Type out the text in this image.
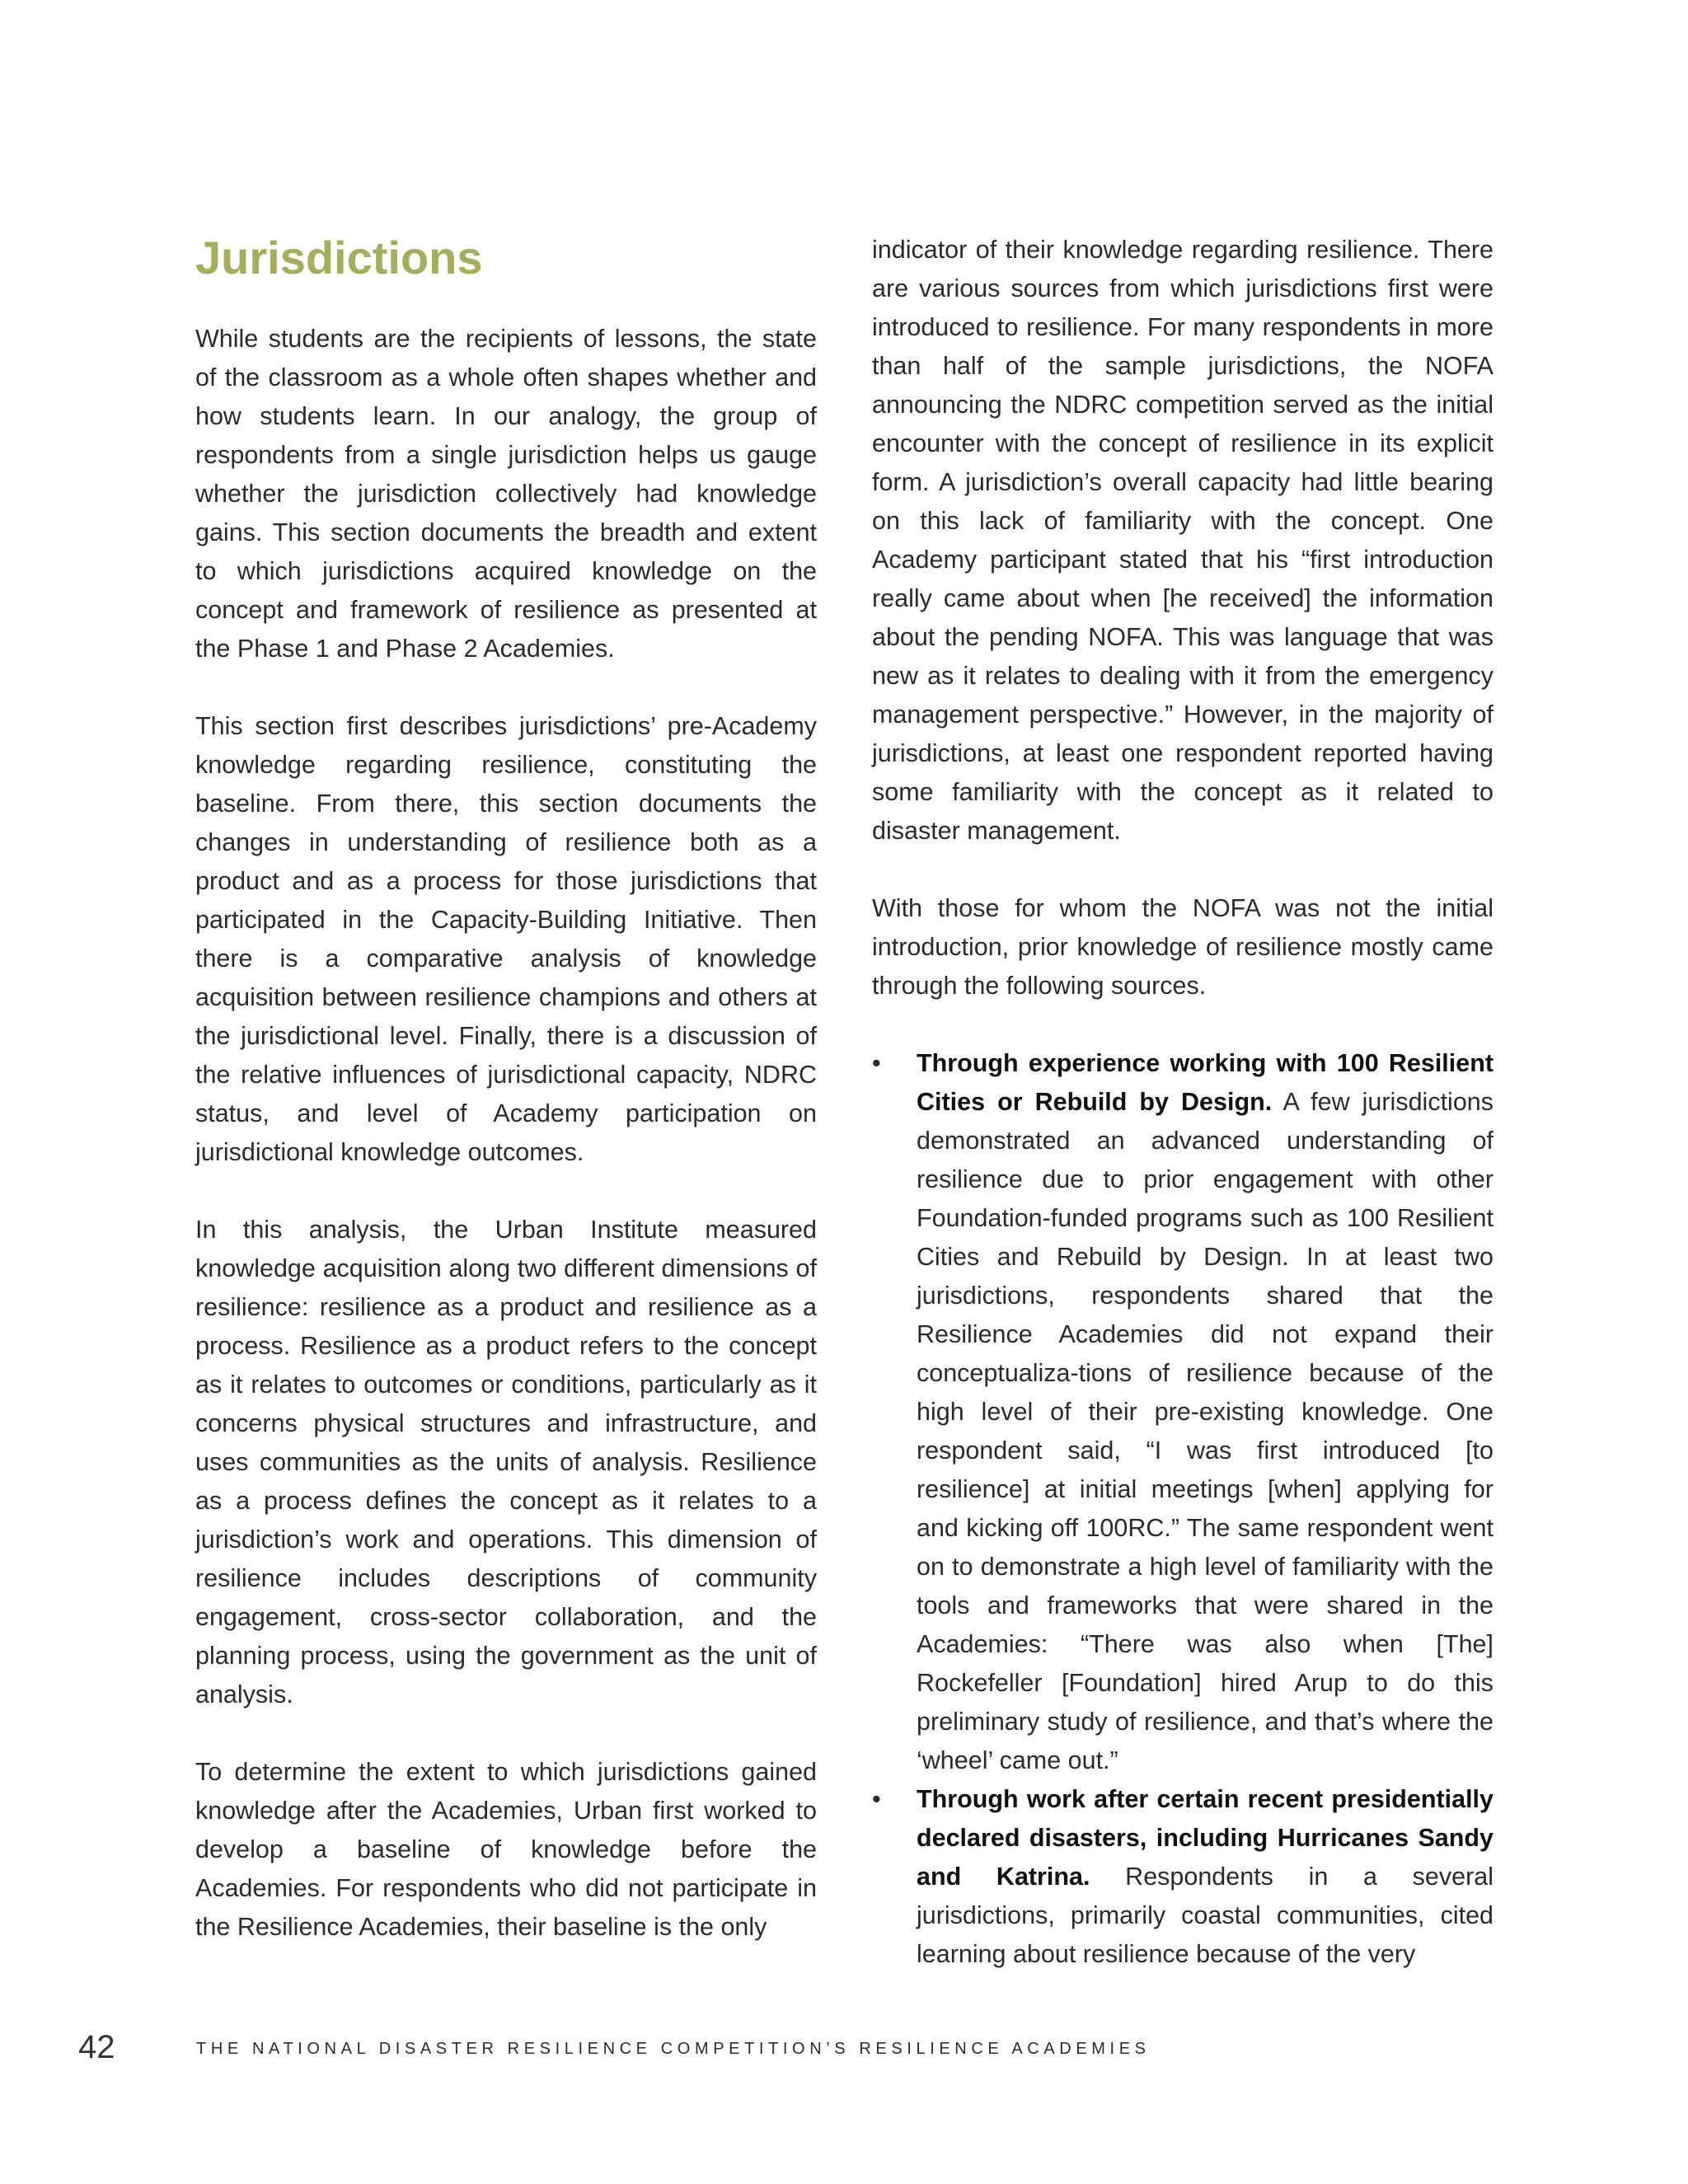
Jurisdictions

While students are the recipients of lessons, the state of the classroom as a whole often shapes whether and how students learn. In our analogy, the group of respondents from a single jurisdiction helps us gauge whether the jurisdiction collectively had knowledge gains. This section documents the breadth and extent to which jurisdictions acquired knowledge on the concept and framework of resilience as presented at the Phase 1 and Phase 2 Academies.

This section first describes jurisdictions’ pre-Academy knowledge regarding resilience, constituting the baseline. From there, this section documents the changes in understanding of resilience both as a product and as a process for those jurisdictions that participated in the Capacity-Building Initiative. Then there is a comparative analysis of knowledge acquisition between resilience champions and others at the jurisdictional level. Finally, there is a discussion of the relative influences of jurisdictional capacity, NDRC status, and level of Academy participation on jurisdictional knowledge outcomes.

In this analysis, the Urban Institute measured knowledge acquisition along two different dimensions of resilience: resilience as a product and resilience as a process. Resilience as a product refers to the concept as it relates to outcomes or conditions, particularly as it concerns physical structures and infrastructure, and uses communities as the units of analysis. Resilience as a process defines the concept as it relates to a jurisdiction’s work and operations. This dimension of resilience includes descriptions of community engagement, cross-sector collaboration, and the planning process, using the government as the unit of analysis.

To determine the extent to which jurisdictions gained knowledge after the Academies, Urban first worked to develop a baseline of knowledge before the Academies. For respondents who did not participate in the Resilience Academies, their baseline is the only

indicator of their knowledge regarding resilience. There are various sources from which jurisdictions first were introduced to resilience. For many respondents in more than half of the sample jurisdictions, the NOFA announcing the NDRC competition served as the initial encounter with the concept of resilience in its explicit form. A jurisdiction’s overall capacity had little bearing on this lack of familiarity with the concept. One Academy participant stated that his “first introduction really came about when [he received] the information about the pending NOFA. This was language that was new as it relates to dealing with it from the emergency management perspective.” However, in the majority of jurisdictions, at least one respondent reported having some familiarity with the concept as it related to disaster management.

With those for whom the NOFA was not the initial introduction, prior knowledge of resilience mostly came through the following sources.

•	Through experience working with 100 Resilient Cities or Rebuild by Design. A few jurisdictions demonstrated an advanced understanding of resilience due to prior engagement with other Foundation-funded programs such as 100 Resilient Cities and Rebuild by Design. In at least two jurisdictions, respondents shared that the Resilience Academies did not expand their conceptualiza-tions of resilience because of the high level of their pre-existing knowledge. One respondent said, “I was first introduced [to resilience] at initial meetings [when] applying for and kicking off 100RC.” The same respondent went on to demonstrate a high level of familiarity with the tools and frameworks that were shared in the Academies: “There was also when [The] Rockefeller [Foundation] hired Arup to do this preliminary study of resilience, and that’s where the ‘wheel’ came out.”
•	Through work after certain recent presidentially declared disasters, including Hurricanes Sandy and Katrina. Respondents in a several jurisdictions, primarily coastal communities, cited learning about resilience because of the very
42	THE NATIONAL DISASTER RESILIENCE COMPETITION’S RESILIENCE ACADEMIES
